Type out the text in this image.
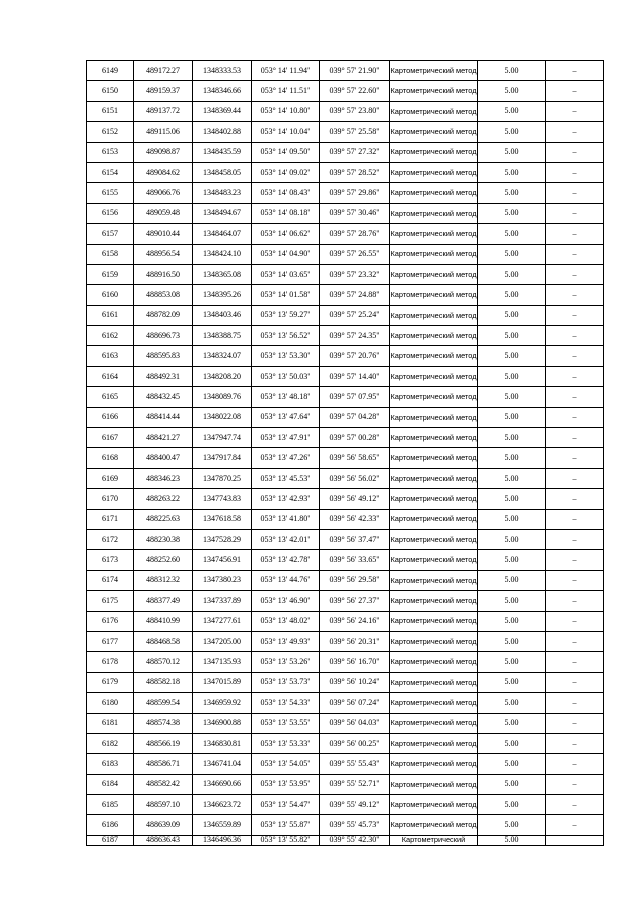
6149	489172.27	1348333.53	053° 14' 11.94"	039° 57' 21.90"	Картометрический метод	5.00	–
6150	489159.37	1348346.66	053° 14' 11.51"	039° 57' 22.60"	Картометрический метод	5.00	–
6151	489137.72	1348369.44	053° 14' 10.80"	039° 57' 23.80"	Картометрический метод	5.00	–
6152	489115.06	1348402.88	053° 14' 10.04"	039° 57' 25.58"	Картометрический метод	5.00	–
6153	489098.87	1348435.59	053° 14' 09.50"	039° 57' 27.32"	Картометрический метод	5.00	–
6154	489084.62	1348458.05	053° 14' 09.02"	039° 57' 28.52"	Картометрический метод	5.00	–
6155	489066.76	1348483.23	053° 14' 08.43"	039° 57' 29.86"	Картометрический метод	5.00	–
6156	489059.48	1348494.67	053° 14' 08.18"	039° 57' 30.46"	Картометрический метод	5.00	–
6157	489010.44	1348464.07	053° 14' 06.62"	039° 57' 28.76"	Картометрический метод	5.00	–
6158	488956.54	1348424.10	053° 14' 04.90"	039° 57' 26.55"	Картометрический метод	5.00	–
6159	488916.50	1348365.08	053° 14' 03.65"	039° 57' 23.32"	Картометрический метод	5.00	–
6160	488853.08	1348395.26	053° 14' 01.58"	039° 57' 24.88"	Картометрический метод	5.00	–
6161	488782.09	1348403.46	053° 13' 59.27"	039° 57' 25.24"	Картометрический метод	5.00	–
6162	488696.73	1348388.75	053° 13' 56.52"	039° 57' 24.35"	Картометрический метод	5.00	–
6163	488595.83	1348324.07	053° 13' 53.30"	039° 57' 20.76"	Картометрический метод	5.00	–
6164	488492.31	1348208.20	053° 13' 50.03"	039° 57' 14.40"	Картометрический метод	5.00	–
6165	488432.45	1348089.76	053° 13' 48.18"	039° 57' 07.95"	Картометрический метод	5.00	–
6166	488414.44	1348022.08	053° 13' 47.64"	039° 57' 04.28"	Картометрический метод	5.00	–
6167	488421.27	1347947.74	053° 13' 47.91"	039° 57' 00.28"	Картометрический метод	5.00	–
6168	488400.47	1347917.84	053° 13' 47.26"	039° 56' 58.65"	Картометрический метод	5.00	–
6169	488346.23	1347870.25	053° 13' 45.53"	039° 56' 56.02"	Картометрический метод	5.00	–
6170	488263.22	1347743.83	053° 13' 42.93"	039° 56' 49.12"	Картометрический метод	5.00	–
6171	488225.63	1347618.58	053° 13' 41.80"	039° 56' 42.33"	Картометрический метод	5.00	–
6172	488230.38	1347528.29	053° 13' 42.01"	039° 56' 37.47"	Картометрический метод	5.00	–
6173	488252.60	1347456.91	053° 13' 42.78"	039° 56' 33.65"	Картометрический метод	5.00	–
6174	488312.32	1347380.23	053° 13' 44.76"	039° 56' 29.58"	Картометрический метод	5.00	–
6175	488377.49	1347337.89	053° 13' 46.90"	039° 56' 27.37"	Картометрический метод	5.00	–
6176	488410.99	1347277.61	053° 13' 48.02"	039° 56' 24.16"	Картометрический метод	5.00	–
6177	488468.58	1347205.00	053° 13' 49.93"	039° 56' 20.31"	Картометрический метод	5.00	–
6178	488570.12	1347135.93	053° 13' 53.26"	039° 56' 16.70"	Картометрический метод	5.00	–
6179	488582.18	1347015.89	053° 13' 53.73"	039° 56' 10.24"	Картометрический метод	5.00	–
6180	488599.54	1346959.92	053° 13' 54.33"	039° 56' 07.24"	Картометрический метод	5.00	–
6181	488574.38	1346900.88	053° 13' 53.55"	039° 56' 04.03"	Картометрический метод	5.00	–
6182	488566.19	1346830.81	053° 13' 53.33"	039° 56' 00.25"	Картометрический метод	5.00	–
6183	488586.71	1346741.04	053° 13' 54.05"	039° 55' 55.43"	Картометрический метод	5.00	–
6184	488582.42	1346690.66	053° 13' 53.95"	039° 55' 52.71"	Картометрический метод	5.00	–
6185	488597.10	1346623.72	053° 13' 54.47"	039° 55' 49.12"	Картометрический метод	5.00	–
6186	488639.09	1346559.89	053° 13' 55.87"	039° 55' 45.73"	Картометрический метод	5.00	–
6187	488636.43	1346496.36	053° 13' 55.82"	039° 55' 42.30"	Картометрический	5.00	
